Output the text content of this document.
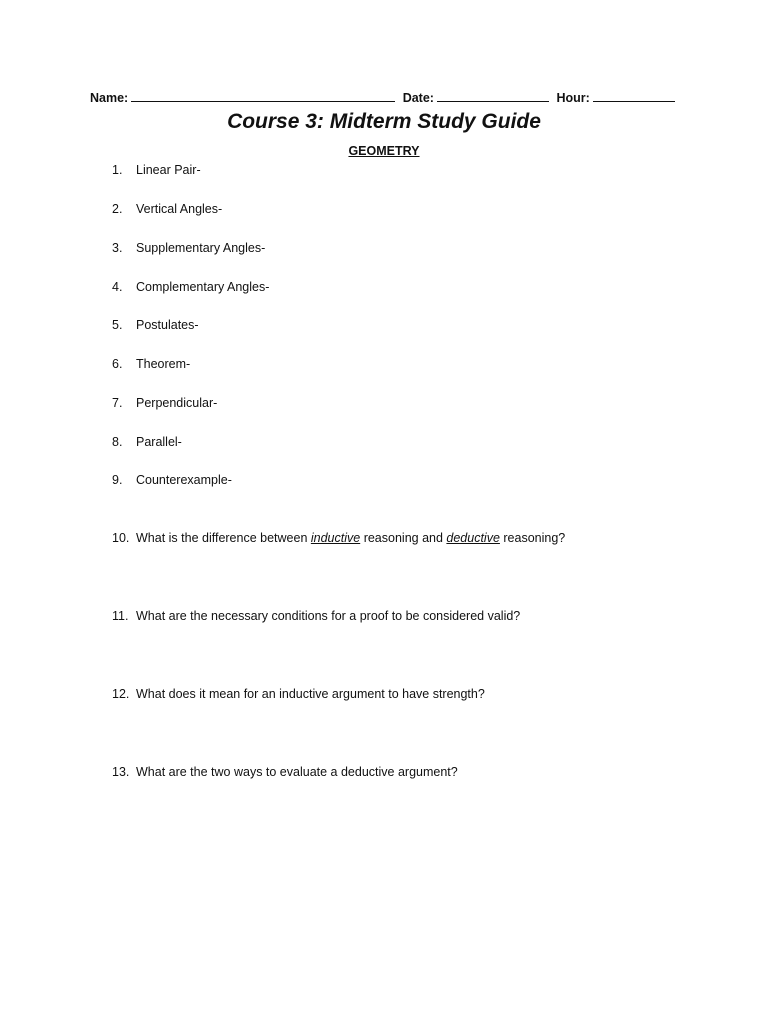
Name:	Date:	Hour:
Course 3: Midterm Study Guide
GEOMETRY
1. Linear Pair-
2. Vertical Angles-
3. Supplementary Angles-
4. Complementary Angles-
5. Postulates-
6. Theorem-
7. Perpendicular-
8. Parallel-
9. Counterexample-
10. What is the difference between inductive reasoning and deductive reasoning?
11. What are the necessary conditions for a proof to be considered valid?
12. What does it mean for an inductive argument to have strength?
13. What are the two ways to evaluate a deductive argument?
